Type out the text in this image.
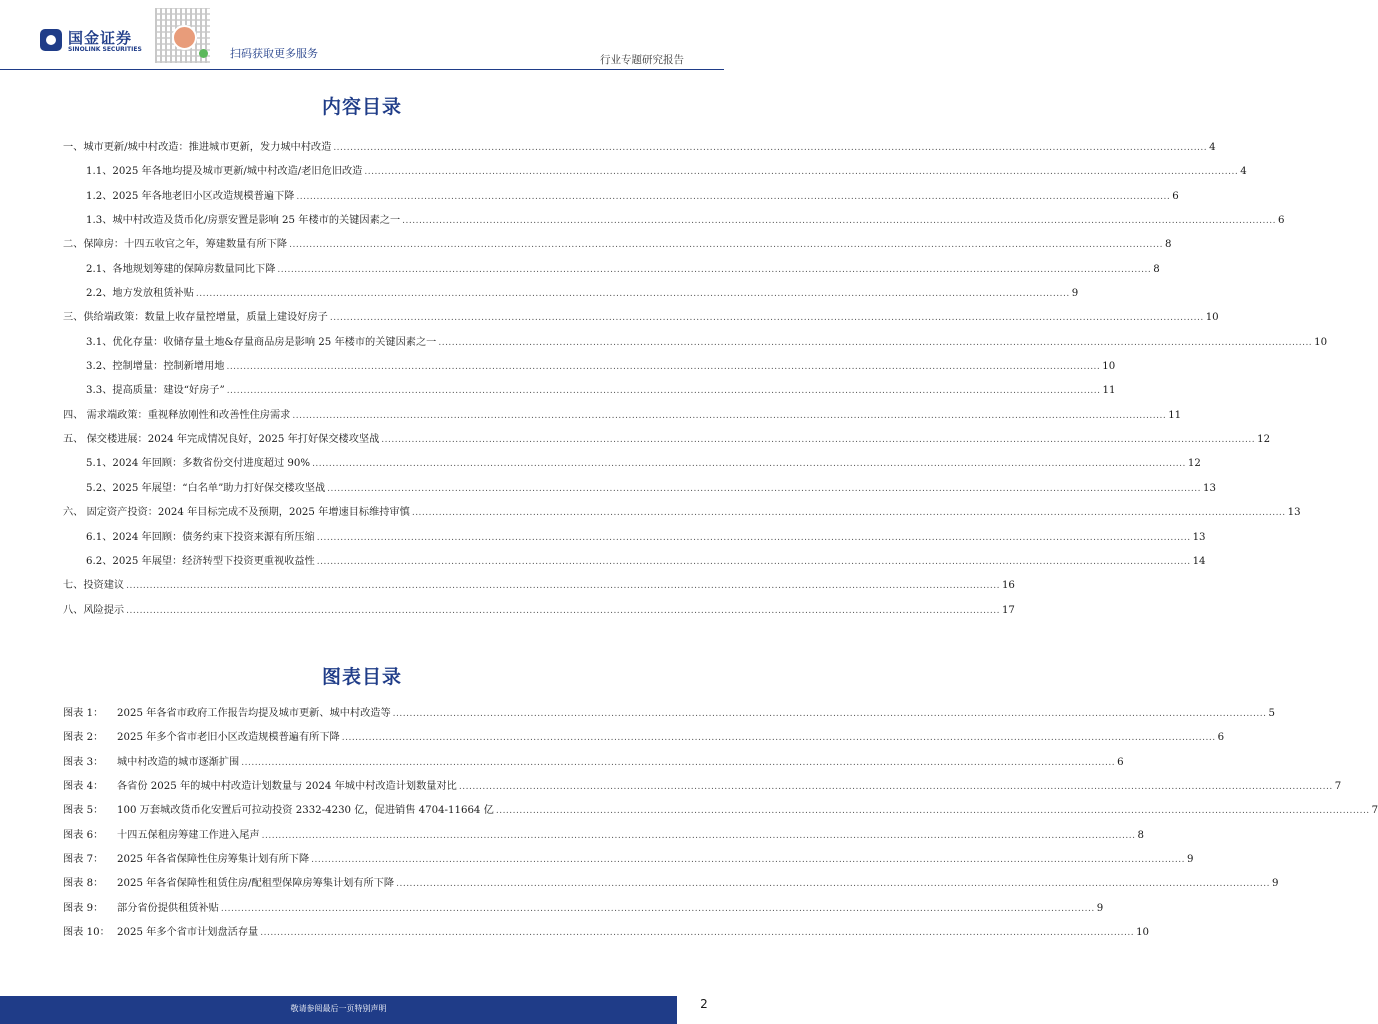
国金证券
SINOLINK SECURITIES	扫码获取更多服务	行业专题研究报告
内容目录
一、城市更新/城中村改造：推进城市更新，发力城中村改造 .................................................................................................................................................................................................................................................................... 4
1.1、2025 年各地均提及城市更新/城中村改造/老旧危旧改造 .................................................................................................................................................................................................................................................................... 4
1.2、2025 年各地老旧小区改造规模普遍下降 .................................................................................................................................................................................................................................................................... 6
1.3、城中村改造及货币化/房票安置是影响 25 年楼市的关键因素之一 .................................................................................................................................................................................................................................................................... 6
二、保障房：十四五收官之年，筹建数量有所下降 .................................................................................................................................................................................................................................................................... 8
2.1、各地规划筹建的保障房数量同比下降 .................................................................................................................................................................................................................................................................... 8
2.2、地方发放租赁补贴 .................................................................................................................................................................................................................................................................... 9
三、供给端政策：数量上收存量控增量，质量上建设好房子 .................................................................................................................................................................................................................................................................... 10
3.1、优化存量：收储存量土地&存量商品房是影响 25 年楼市的关键因素之一 .................................................................................................................................................................................................................................................................... 10
3.2、控制增量：控制新增用地 .................................................................................................................................................................................................................................................................... 10
3.3、提高质量：建设“好房子” .................................................................................................................................................................................................................................................................... 11
四、 需求端政策：重视释放刚性和改善性住房需求 .................................................................................................................................................................................................................................................................... 11
五、 保交楼进展：2024 年完成情况良好，2025 年打好保交楼攻坚战 .................................................................................................................................................................................................................................................................... 12
5.1、2024 年回顾：多数省份交付进度超过 90% .................................................................................................................................................................................................................................................................... 12
5.2、2025 年展望：“白名单”助力打好保交楼攻坚战 .................................................................................................................................................................................................................................................................... 13
六、 固定资产投资：2024 年目标完成不及预期，2025 年增速目标维持审慎 .................................................................................................................................................................................................................................................................... 13
6.1、2024 年回顾：债务约束下投资来源有所压缩 .................................................................................................................................................................................................................................................................... 13
6.2、2025 年展望：经济转型下投资更重视收益性 .................................................................................................................................................................................................................................................................... 14
七、投资建议 .................................................................................................................................................................................................................................................................... 16
八、风险提示 .................................................................................................................................................................................................................................................................... 17
图表目录
图表 1：	2025 年各省市政府工作报告均提及城市更新、城中村改造等 .................................................................................................................................................................................................................................................................... 5
图表 2：	2025 年多个省市老旧小区改造规模普遍有所下降 .................................................................................................................................................................................................................................................................... 6
图表 3：	城中村改造的城市逐渐扩围 .................................................................................................................................................................................................................................................................... 6
图表 4：	各省份 2025 年的城中村改造计划数量与 2024 年城中村改造计划数量对比 .................................................................................................................................................................................................................................................................... 7
图表 5：	100 万套城改货币化安置后可拉动投资 2332-4230 亿，促进销售 4704-11664 亿 .................................................................................................................................................................................................................................................................... 7
图表 6：	十四五保租房筹建工作进入尾声 .................................................................................................................................................................................................................................................................... 8
图表 7：	2025 年各省保障性住房筹集计划有所下降 .................................................................................................................................................................................................................................................................... 9
图表 8：	2025 年各省保障性租赁住房/配租型保障房筹集计划有所下降 .................................................................................................................................................................................................................................................................... 9
图表 9：	部分省份提供租赁补贴 .................................................................................................................................................................................................................................................................... 9
图表 10： 2025 年多个省市计划盘活存量 .................................................................................................................................................................................................................................................................... 10
敬请参阅最后一页特别声明	2
